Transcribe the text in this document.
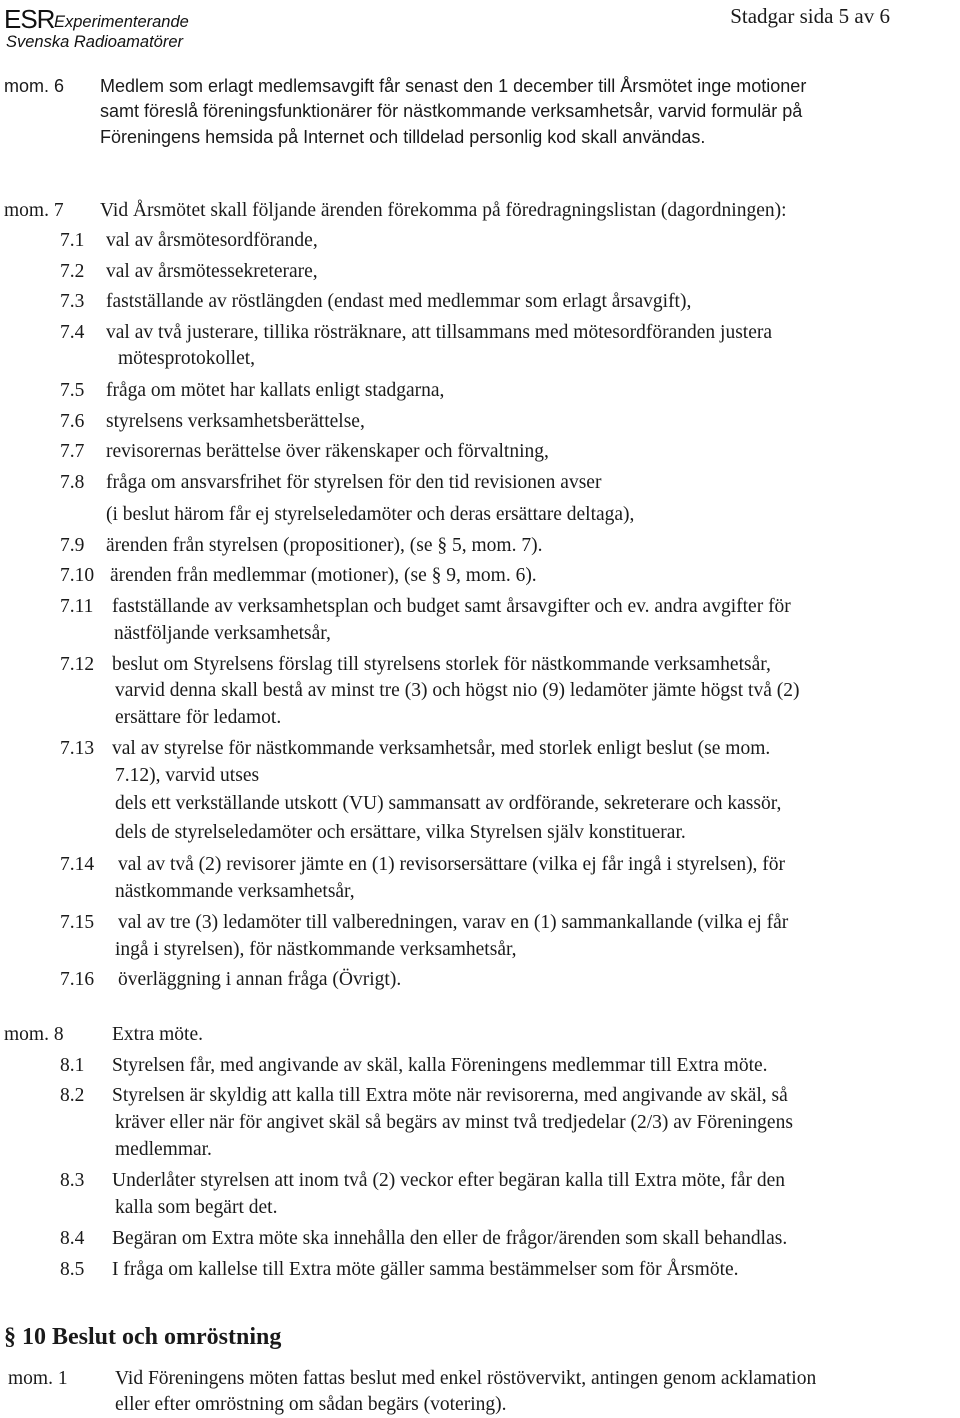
ESR Experimenterande
Svenska Radioamatörer
Stadgar sida 5 av 6
mom. 6 Medlem som erlagt medlemsavgift får senast den 1 december till Årsmötet inge motioner
samt föreslå föreningsfunktionärer för nästkommande verksamhetsår, varvid formulär på
Föreningens hemsida på Internet och tilldelad personlig kod skall användas.
mom. 7 Vid Årsmötet skall följande ärenden förekomma på föredragningslistan (dagordningen):
7.1 val av årsmötesordförande,
7.2 val av årsmötessekreterare,
7.3 fastställande av röstlängden (endast med medlemmar som erlagt årsavgift),
7.4 val av två justerare, tillika rösträknare, att tillsammans med mötesordföranden justera
mötesprotokollet,
7.5 fråga om mötet har kallats enligt stadgarna,
7.6 styrelsens verksamhetsberättelse,
7.7 revisorernas berättelse över räkenskaper och förvaltning,
7.8 fråga om ansvarsfrihet för styrelsen för den tid revisionen avser
(i beslut härom får ej styrelseledamöter och deras ersättare deltaga),
7.9 ärenden från styrelsen (propositioner), (se § 5, mom. 7).
7.10 ärenden från medlemmar (motioner), (se § 9, mom. 6).
7.11 fastställande av verksamhetsplan och budget samt årsavgifter och ev. andra avgifter för
nästföljande verksamhetsår,
7.12 beslut om Styrelsens förslag till styrelsens storlek för nästkommande verksamhetsår,
varvid denna skall bestå av minst tre (3) och högst nio (9) ledamöter jämte högst två (2)
ersättare för ledamot.
7.13 val av styrelse för nästkommande verksamhetsår, med storlek enligt beslut (se mom.
7.12), varvid utses
dels ett verkställande utskott (VU) sammansatt av ordförande, sekreterare och kassör,
dels de styrelseledamöter och ersättare, vilka Styrelsen själv konstituerar.
7.14 val av två (2) revisorer jämte en (1) revisorsersättare (vilka ej får ingå i styrelsen), för
nästkommande verksamhetsår,
7.15 val av tre (3) ledamöter till valberedningen, varav en (1) sammankallande (vilka ej får
ingå i styrelsen), för nästkommande verksamhetsår,
7.16 överläggning i annan fråga (Övrigt).
mom. 8 Extra möte.
8.1 Styrelsen får, med angivande av skäl, kalla Föreningens medlemmar till Extra möte.
8.2 Styrelsen är skyldig att kalla till Extra möte när revisorerna, med angivande av skäl, så
kräver eller när för angivet skäl så begärs av minst två tredjedelar (2/3) av Föreningens
medlemmar.
8.3 Underlåter styrelsen att inom två (2) veckor efter begäran kalla till Extra möte, får den
kalla som begärt det.
8.4 Begäran om Extra möte ska innehålla den eller de frågor/ärenden som skall behandlas.
8.5 I fråga om kallelse till Extra möte gäller samma bestämmelser som för Årsmöte.
§ 10 Beslut och omröstning
mom. 1 Vid Föreningens möten fattas beslut med enkel röstövervikt, antingen genom acklamation
eller efter omröstning om sådan begärs (votering).
